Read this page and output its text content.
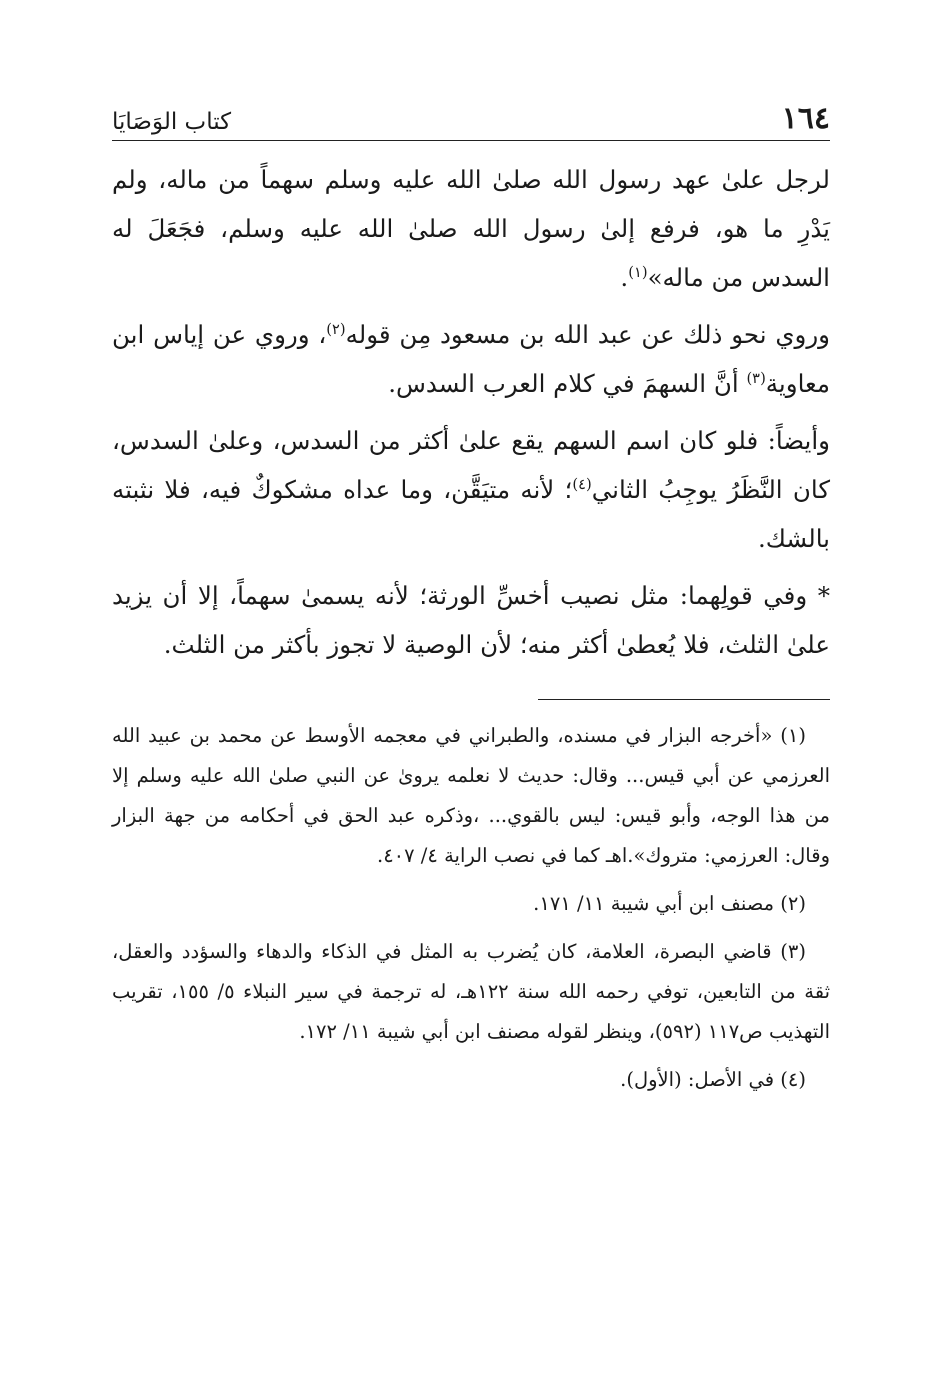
١٦٤
كتاب الوَصَايَا

لرجل علىٰ عهد رسول الله صلىٰ الله عليه وسلم سهماً من ماله، ولم يَدْرِ ما هو، فرفع إلىٰ رسول الله صلىٰ الله عليه وسلم، فجَعَلَ له السدس من ماله»$^{(١)}$.

وروي نحو ذلك عن عبد الله بن مسعود مِن قوله$^{(٢)}$، وروي عن إياس ابن معاوية$^{(٣)}$ أنَّ السهمَ في كلام العرب السدس.

وأيضاً: فلو كان اسم السهم يقع علىٰ أكثر من السدس، وعلىٰ السدس، كان النَّظَرُ يوجِبُ الثاني$^{(٤)}$؛ لأنه متيَقَّن، وما عداه مشكوكٌ فيه، فلا نثبته بالشك.

* وفي قولِهما: مثل نصيب أخسِّ الورثة؛ لأنه يسمىٰ سهماً، إلا أن يزيد علىٰ الثلث، فلا يُعطىٰ أكثر منه؛ لأن الوصية لا تجوز بأكثر من الثلث.

(١) «أخرجه البزار في مسنده، والطبراني في معجمه الأوسط عن محمد بن عبيد الله العرزمي عن أبي قيس... وقال: حديث لا نعلمه يروىٰ عن النبي صلىٰ الله عليه وسلم إلا من هذا الوجه، وأبو قيس: ليس بالقوي... ،وذكره عبد الحق في أحكامه من جهة البزار وقال: العرزمي: متروك».اهـ كما في نصب الراية ٤/ ٤٠٧.

(٢) مصنف ابن أبي شيبة ١١/ ١٧١.

(٣) قاضي البصرة، العلامة، كان يُضرب به المثل في الذكاء والدهاء والسؤدد والعقل، ثقة من التابعين، توفي رحمه الله سنة ١٢٢هـ، له ترجمة في سير النبلاء ٥/ ١٥٥، تقريب التهذيب ص١١٧ (٥٩٢)، وينظر لقوله مصنف ابن أبي شيبة ١١/ ١٧٢.

(٤) في الأصل: (الأول).
